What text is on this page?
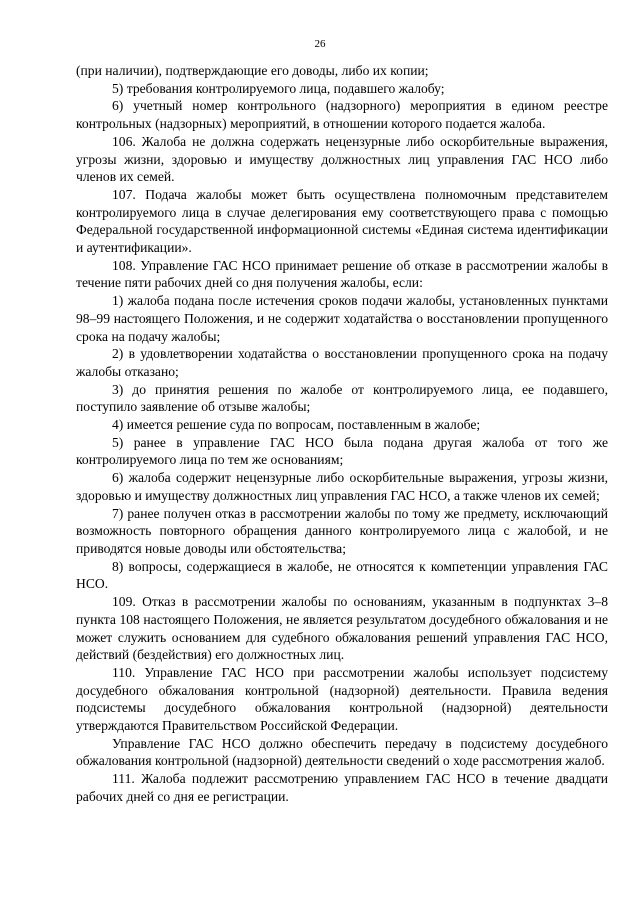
26

(при наличии), подтверждающие его доводы, либо их копии;

5) требования контролируемого лица, подавшего жалобу;

6) учетный номер контрольного (надзорного) мероприятия в едином реестре контрольных (надзорных) мероприятий, в отношении которого подается жалоба.

106. Жалоба не должна содержать нецензурные либо оскорбительные выражения, угрозы жизни, здоровью и имуществу должностных лиц управления ГАС НСО либо членов их семей.

107. Подача жалобы может быть осуществлена полномочным представителем контролируемого лица в случае делегирования ему соответствующего права с помощью Федеральной государственной информационной системы «Единая система идентификации и аутентификации».

108. Управление ГАС НСО принимает решение об отказе в рассмотрении жалобы в течение пяти рабочих дней со дня получения жалобы, если:

1) жалоба подана после истечения сроков подачи жалобы, установленных пунктами 98–99 настоящего Положения, и не содержит ходатайства о восстановлении пропущенного срока на подачу жалобы;

2) в удовлетворении ходатайства о восстановлении пропущенного срока на подачу жалобы отказано;

3) до принятия решения по жалобе от контролируемого лица, ее подавшего, поступило заявление об отзыве жалобы;

4) имеется решение суда по вопросам, поставленным в жалобе;

5) ранее в управление ГАС НСО была подана другая жалоба от того же контролируемого лица по тем же основаниям;

6) жалоба содержит нецензурные либо оскорбительные выражения, угрозы жизни, здоровью и имуществу должностных лиц управления ГАС НСО, а также членов их семей;

7) ранее получен отказ в рассмотрении жалобы по тому же предмету, исключающий возможность повторного обращения данного контролируемого лица с жалобой, и не приводятся новые доводы или обстоятельства;

8) вопросы, содержащиеся в жалобе, не относятся к компетенции управления ГАС НСО.

109. Отказ в рассмотрении жалобы по основаниям, указанным в подпунктах 3–8 пункта 108 настоящего Положения, не является результатом досудебного обжалования и не может служить основанием для судебного обжалования решений управления ГАС НСО, действий (бездействия) его должностных лиц.

110. Управление ГАС НСО при рассмотрении жалобы использует подсистему досудебного обжалования контрольной (надзорной) деятельности. Правила ведения подсистемы досудебного обжалования контрольной (надзорной) деятельности утверждаются Правительством Российской Федерации.

Управление ГАС НСО должно обеспечить передачу в подсистему досудебного обжалования контрольной (надзорной) деятельности сведений о ходе рассмотрения жалоб.

111. Жалоба подлежит рассмотрению управлением ГАС НСО в течение двадцати рабочих дней со дня ее регистрации.
